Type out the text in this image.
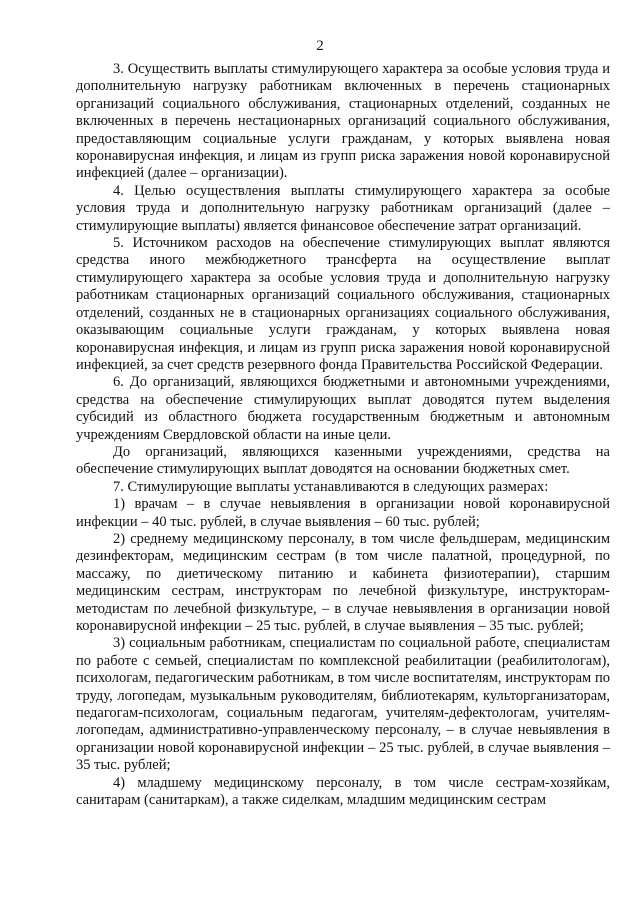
2

3. Осуществить выплаты стимулирующего характера за особые условия труда и дополнительную нагрузку работникам включенных в перечень стационарных организаций социального обслуживания, стационарных отделений, созданных не включенных в перечень нестационарных организаций социального обслуживания, предоставляющим социальные услуги гражданам, у которых выявлена новая коронавирусная инфекция, и лицам из групп риска заражения новой коронавирусной инфекцией (далее – организации).

4. Целью осуществления выплаты стимулирующего характера за особые условия труда и дополнительную нагрузку работникам организаций (далее – стимулирующие выплаты) является финансовое обеспечение затрат организаций.

5. Источником расходов на обеспечение стимулирующих выплат являются средства иного межбюджетного трансферта на осуществление выплат стимулирующего характера за особые условия труда и дополнительную нагрузку работникам стационарных организаций социального обслуживания, стационарных отделений, созданных не в стационарных организациях социального обслуживания, оказывающим социальные услуги гражданам, у которых выявлена новая коронавирусная инфекция, и лицам из групп риска заражения новой коронавирусной инфекцией, за счет средств резервного фонда Правительства Российской Федерации.

6. До организаций, являющихся бюджетными и автономными учреждениями, средства на обеспечение стимулирующих выплат доводятся путем выделения субсидий из областного бюджета государственным бюджетным и автономным учреждениям Свердловской области на иные цели.

До организаций, являющихся казенными учреждениями, средства на обеспечение стимулирующих выплат доводятся на основании бюджетных смет.

7. Стимулирующие выплаты устанавливаются в следующих размерах:

1) врачам – в случае невыявления в организации новой коронавирусной инфекции – 40 тыс. рублей, в случае выявления – 60 тыс. рублей;

2) среднему медицинскому персоналу, в том числе фельдшерам, медицинским дезинфекторам, медицинским сестрам (в том числе палатной, процедурной, по массажу, по диетическому питанию и кабинета физиотерапии), старшим медицинским сестрам, инструкторам по лечебной физкультуре, инструкторам-методистам по лечебной физкультуре, – в случае невыявления в организации новой коронавирусной инфекции – 25 тыс. рублей, в случае выявления – 35 тыс. рублей;

3) социальным работникам, специалистам по социальной работе, специалистам по работе с семьей, специалистам по комплексной реабилитации (реабилитологам), психологам, педагогическим работникам, в том числе воспитателям, инструкторам по труду, логопедам, музыкальным руководителям, библиотекарям, культорганизаторам, педагогам-психологам, социальным педагогам, учителям-дефектологам, учителям-логопедам, административно-управленческому персоналу, – в случае невыявления в организации новой коронавирусной инфекции – 25 тыс. рублей, в случае выявления – 35 тыс. рублей;

4) младшему медицинскому персоналу, в том числе сестрам-хозяйкам, санитарам (санитаркам), а также сиделкам, младшим медицинским сестрам
